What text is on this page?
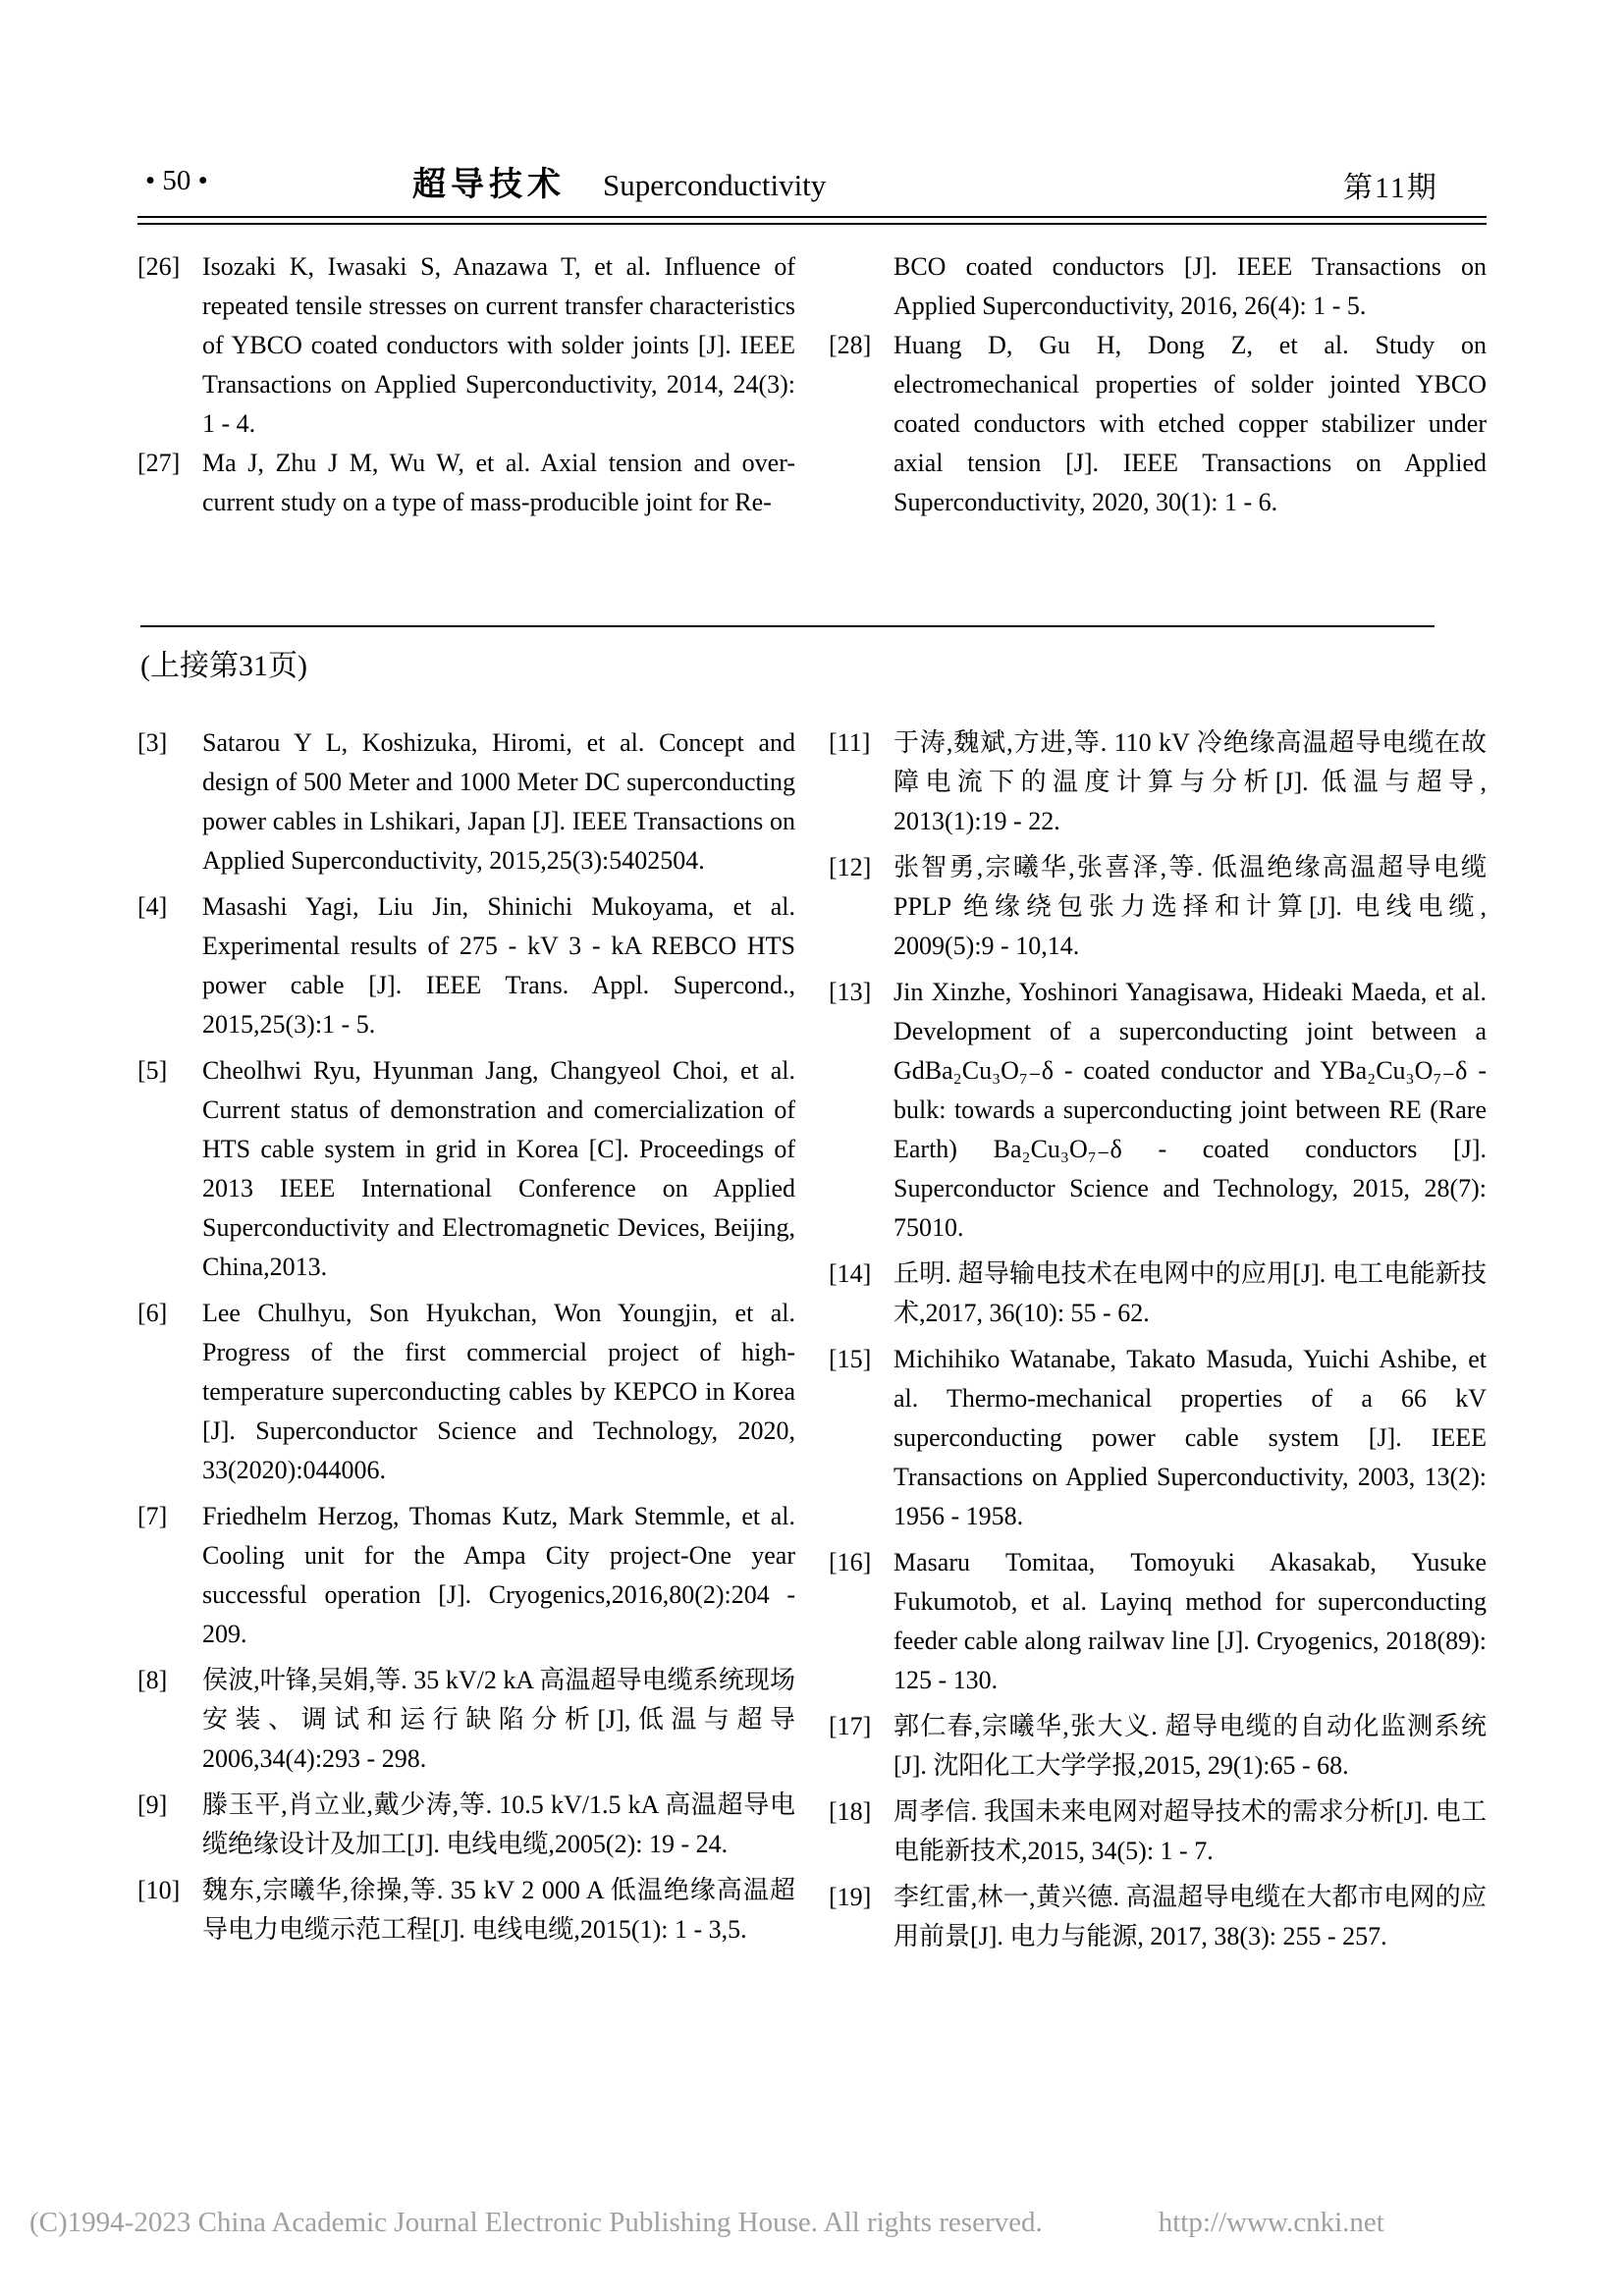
• 50 •	超导技术 Superconductivity	第11期
[26] Isozaki K, Iwasaki S, Anazawa T, et al. Influence of repeated tensile stresses on current transfer characteristics of YBCO coated conductors with solder joints [J]. IEEE Transactions on Applied Superconductivity, 2014, 24(3): 1 - 4.
[27] Ma J, Zhu J M, Wu W, et al. Axial tension and over-current study on a type of mass-producible joint for Re-
BCO coated conductors [J]. IEEE Transactions on Applied Superconductivity, 2016, 26(4): 1 - 5.
[28] Huang D, Gu H, Dong Z, et al. Study on electromechanical properties of solder jointed YBCO coated conductors with etched copper stabilizer under axial tension [J]. IEEE Transactions on Applied Superconductivity, 2020, 30(1): 1 - 6.
(上接第31页)
[3]	Satarou Y L, Koshizuka, Hiromi, et al. Concept and design of 500 Meter and 1000 Meter DC superconducting power cables in Lshikari, Japan [J]. IEEE Transactions on Applied Superconductivity, 2015,25(3):5402504.
[4]	Masashi Yagi, Liu Jin, Shinichi Mukoyama, et al. Experimental results of 275 - kV 3 - kA REBCO HTS power cable [J]. IEEE Trans. Appl. Supercond., 2015,25(3):1 - 5.
[5]	Cheolhwi Ryu, Hyunman Jang, Changyeol Choi, et al. Current status of demonstration and comercialization of HTS cable system in grid in Korea [C]. Proceedings of 2013 IEEE International Conference on Applied Superconductivity and Electromagnetic Devices, Beijing, China,2013.
[6]	Lee Chulhyu, Son Hyukchan, Won Youngjin, et al. Progress of the first commercial project of high-temperature superconducting cables by KEPCO in Korea [J]. Superconductor Science and Technology, 2020, 33(2020):044006.
[7]	Friedhelm Herzog, Thomas Kutz, Mark Stemmle, et al. Cooling unit for the Ampa City project-One year successful operation [J]. Cryogenics,2016,80(2):204 - 209.
[8]	侯波,叶锋,吴娟,等. 35 kV/2 kA 高温超导电缆系统现场安装、调试和运行缺陷分析[J],低温与超导 2006,34(4):293 - 298.
[9]	滕玉平,肖立业,戴少涛,等. 10.5 kV/1.5 kA 高温超导电缆绝缘设计及加工[J]. 电线电缆,2005(2): 19 - 24.
[10] 魏东,宗曦华,徐操,等. 35 kV 2 000 A 低温绝缘高温超导电力电缆示范工程[J]. 电线电缆,2015(1): 1 - 3,5.
[11] 于涛,魏斌,方进,等. 110 kV 冷绝缘高温超导电缆在故障电流下的温度计算与分析[J]. 低温与超导, 2013(1):19 - 22.
[12] 张智勇,宗曦华,张喜泽,等. 低温绝缘高温超导电缆 PPLP 绝缘绕包张力选择和计算[J]. 电线电缆, 2009(5):9 - 10,14.
[13] Jin Xinzhe, Yoshinori Yanagisawa, Hideaki Maeda, et al. Development of a superconducting joint between a GdBa₂Cu₃O₇₋δ - coated conductor and YBa₂Cu₃O₇₋δ - bulk: towards a superconducting joint between RE (Rare Earth) Ba₂Cu₃O₇₋δ - coated conductors [J]. Superconductor Science and Technology, 2015, 28(7): 75010.
[14] 丘明. 超导输电技术在电网中的应用[J]. 电工电能新技术,2017, 36(10): 55 - 62.
[15] Michihiko Watanabe, Takato Masuda, Yuichi Ashibe, et al. Thermo-mechanical properties of a 66 kV superconducting power cable system [J]. IEEE Transactions on Applied Superconductivity, 2003, 13(2): 1956 - 1958.
[16] Masaru Tomitaa, Tomoyuki Akasakab, Yusuke Fukumotob, et al. Layinq method for superconducting feeder cable along railwav line [J]. Cryogenics, 2018(89): 125 - 130.
[17] 郭仁春,宗曦华,张大义. 超导电缆的自动化监测系统[J]. 沈阳化工大学学报,2015, 29(1):65 - 68.
[18] 周孝信. 我国未来电网对超导技术的需求分析[J]. 电工电能新技术,2015, 34(5): 1 - 7.
[19] 李红雷,林一,黄兴德. 高温超导电缆在大都市电网的应用前景[J]. 电力与能源, 2017, 38(3): 255 - 257.
(C)1994-2023 China Academic Journal Electronic Publishing House. All rights reserved.	http://www.cnki.net
